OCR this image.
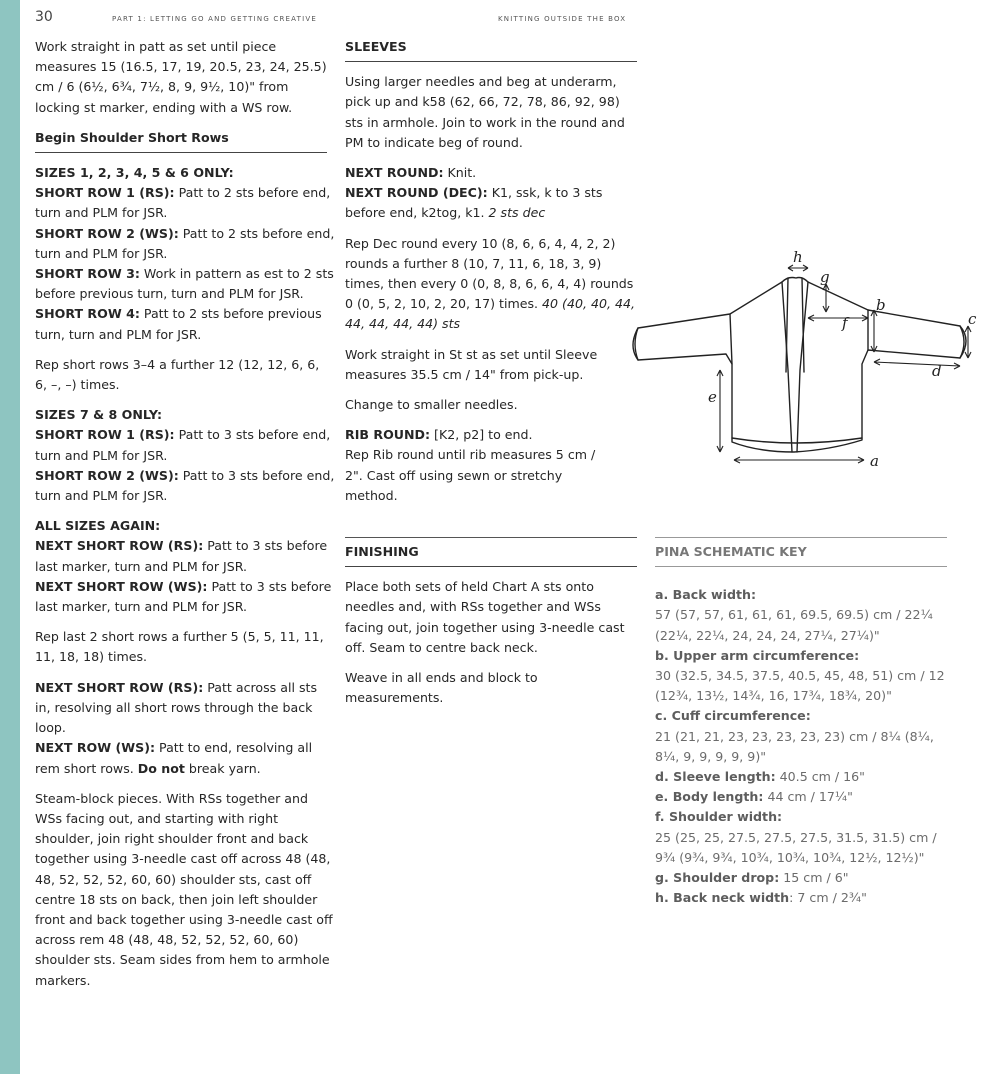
30	PART 1: LETTING GO AND GETTING CREATIVE	KNITTING OUTSIDE THE BOX

Work straight in patt as set until piece measures 15 (16.5, 17, 19, 20.5, 23, 24, 25.5) cm / 6 (6½, 6¾, 7½, 8, 9, 9½, 10)" from locking st marker, ending with a WS row.

Begin Shoulder Short Rows

SIZES 1, 2, 3, 4, 5 & 6 ONLY:

SHORT ROW 1 (RS): Patt to 2 sts before end, turn and PLM for JSR.

SHORT ROW 2 (WS): Patt to 2 sts before end, turn and PLM for JSR.

SHORT ROW 3: Work in pattern as est to 2 sts before previous turn, turn and PLM for JSR.

SHORT ROW 4: Patt to 2 sts before previous turn, turn and PLM for JSR.

Rep short rows 3–4 a further 12 (12, 12, 6, 6, 6, –, –) times.

SIZES 7 & 8 ONLY:

SHORT ROW 1 (RS): Patt to 3 sts before end, turn and PLM for JSR.

SHORT ROW 2 (WS): Patt to 3 sts before end, turn and PLM for JSR.

ALL SIZES AGAIN:

NEXT SHORT ROW (RS): Patt to 3 sts before last marker, turn and PLM for JSR.

NEXT SHORT ROW (WS): Patt to 3 sts before last marker, turn and PLM for JSR.

Rep last 2 short rows a further 5 (5, 5, 11, 11, 11, 18, 18) times.

NEXT SHORT ROW (RS): Patt across all sts in, resolving all short rows through the back loop.

NEXT ROW (WS): Patt to end, resolving all rem short rows. Do not break yarn.

Steam-block pieces. With RSs together and WSs facing out, and starting with right shoulder, join right shoulder front and back together using 3-needle cast off across 48 (48, 48, 52, 52, 52, 60, 60) shoulder sts, cast off centre 18 sts on back, then join left shoulder front and back together using 3-needle cast off across rem 48 (48, 48, 52, 52, 52, 60, 60) shoulder sts. Seam sides from hem to armhole markers.

SLEEVES

Using larger needles and beg at underarm, pick up and k58 (62, 66, 72, 78, 86, 92, 98) sts in armhole. Join to work in the round and PM to indicate beg of round.

NEXT ROUND: Knit.

NEXT ROUND (DEC): K1, ssk, k to 3 sts before end, k2tog, k1. 2 sts dec

Rep Dec round every 10 (8, 6, 6, 4, 4, 2, 2) rounds a further 8 (10, 7, 11, 6, 18, 3, 9) times, then every 0 (0, 8, 8, 6, 6, 4, 4) rounds 0 (0, 5, 2, 10, 2, 20, 17) times. 40 (40, 40, 44, 44, 44, 44, 44) sts

Work straight in St st as set until Sleeve measures 35.5 cm / 14" from pick-up.

Change to smaller needles.

RIB ROUND: [K2, p2] to end.

Rep Rib round until rib measures 5 cm / 2". Cast off using sewn or stretchy method.

a
b
c
d
e
f
g
h
FINISHING

Place both sets of held Chart A sts onto needles and, with RSs together and WSs facing out, join together using 3-needle cast off. Seam to centre back neck.

Weave in all ends and block to measurements.

PINA SCHEMATIC KEY
a. Back width:
57 (57, 57, 61, 61, 61, 69.5, 69.5) cm / 22¼ (22¼, 22¼, 24, 24, 24, 27¼, 27¼)"
b. Upper arm circumference:
30 (32.5, 34.5, 37.5, 40.5, 45, 48, 51) cm / 12 (12¾, 13½, 14¾, 16, 17¾, 18¾, 20)"
c. Cuff circumference:
21 (21, 21, 23, 23, 23, 23, 23) cm / 8¼ (8¼, 8¼, 9, 9, 9, 9, 9)"
d. Sleeve length: 40.5 cm / 16"
e. Body length: 44 cm / 17¼"
f. Shoulder width:
25 (25, 25, 27.5, 27.5, 27.5, 31.5, 31.5) cm / 9¾ (9¾, 9¾, 10¾, 10¾, 10¾, 12½, 12½)"
g. Shoulder drop: 15 cm / 6"
h. Back neck width: 7 cm / 2¾"
